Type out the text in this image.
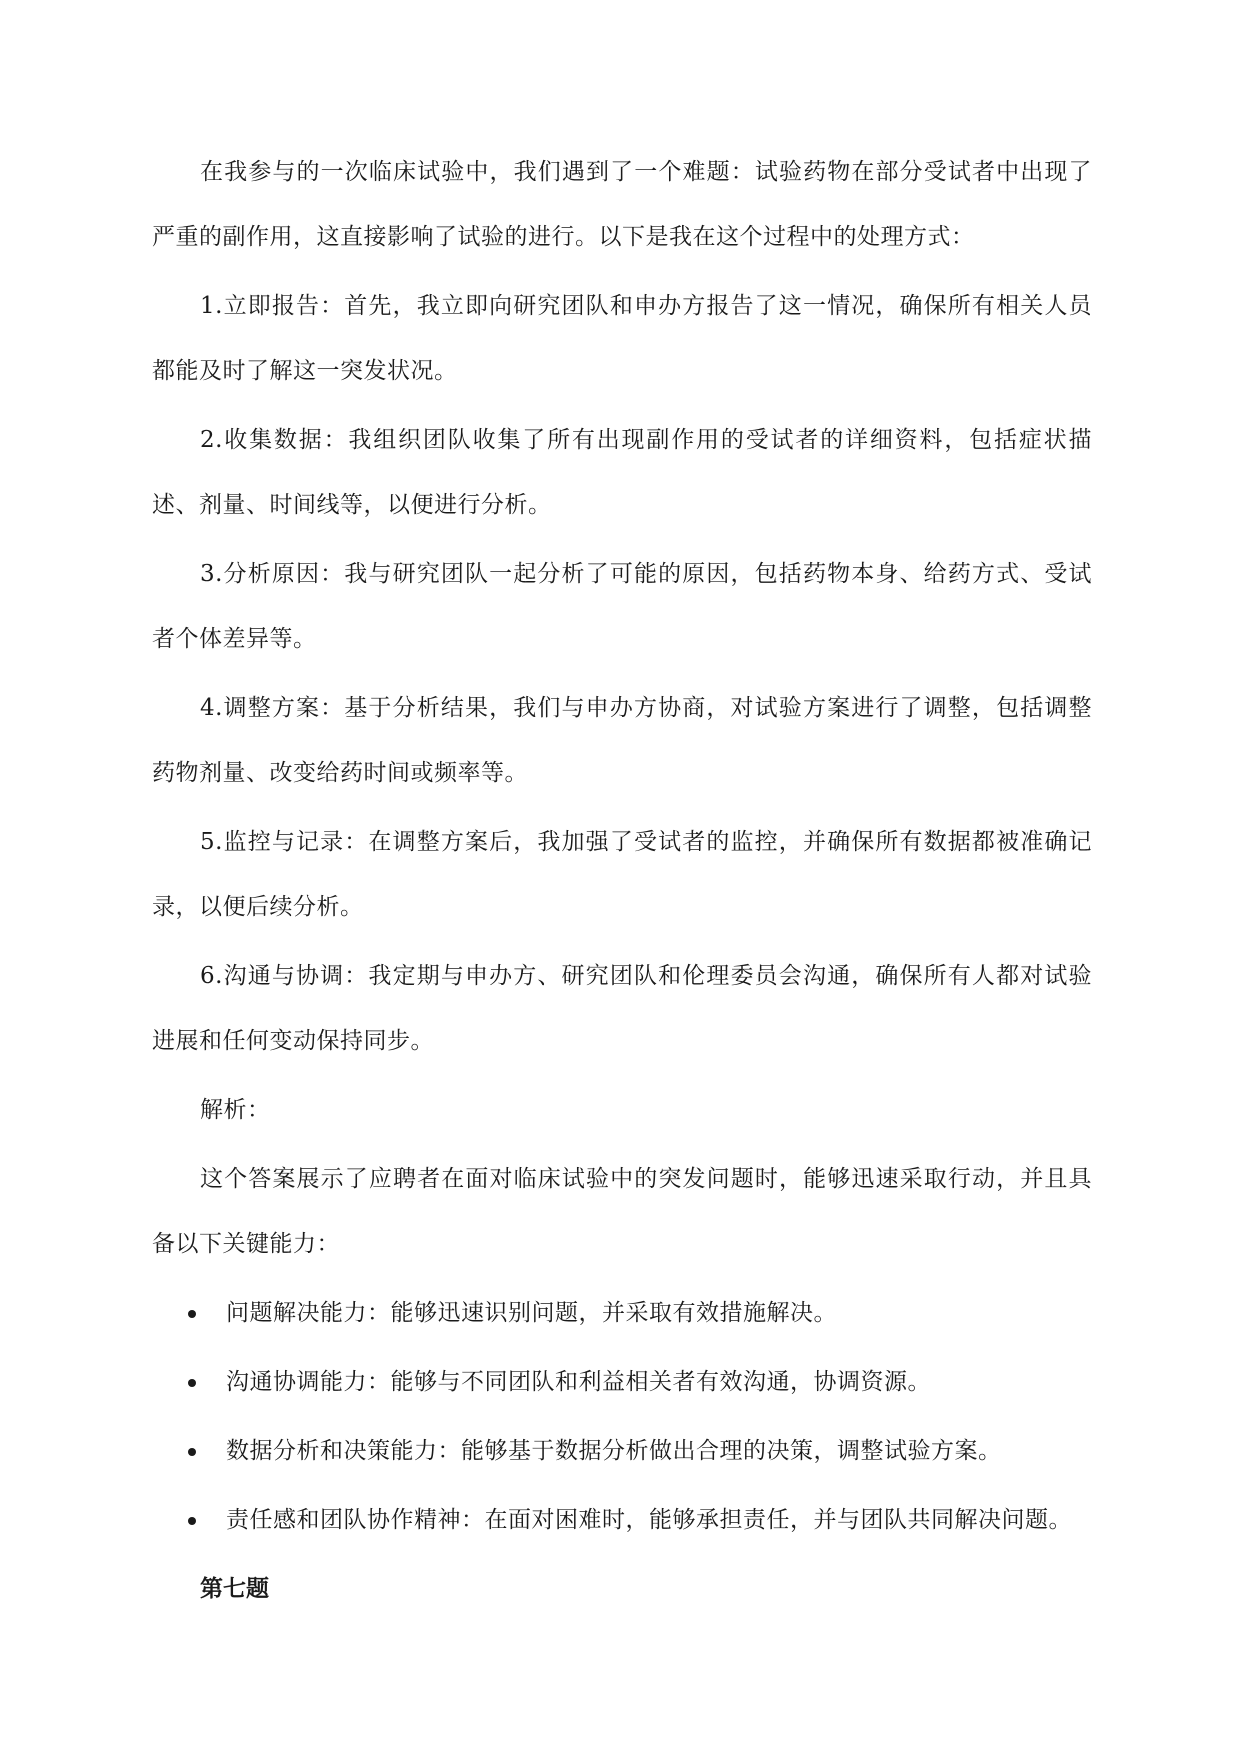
在我参与的一次临床试验中，我们遇到了一个难题：试验药物在部分受试者中出现了严重的副作用，这直接影响了试验的进行。以下是我在这个过程中的处理方式：

1.立即报告：首先，我立即向研究团队和申办方报告了这一情况，确保所有相关人员都能及时了解这一突发状况。

2.收集数据：我组织团队收集了所有出现副作用的受试者的详细资料，包括症状描述、剂量、时间线等，以便进行分析。

3.分析原因：我与研究团队一起分析了可能的原因，包括药物本身、给药方式、受试者个体差异等。

4.调整方案：基于分析结果，我们与申办方协商，对试验方案进行了调整，包括调整药物剂量、改变给药时间或频率等。

5.监控与记录：在调整方案后，我加强了受试者的监控，并确保所有数据都被准确记录，以便后续分析。

6.沟通与协调：我定期与申办方、研究团队和伦理委员会沟通，确保所有人都对试验进展和任何变动保持同步。

解析：

这个答案展示了应聘者在面对临床试验中的突发问题时，能够迅速采取行动，并且具备以下关键能力：

问题解决能力：能够迅速识别问题，并采取有效措施解决。
沟通协调能力：能够与不同团队和利益相关者有效沟通，协调资源。
数据分析和决策能力：能够基于数据分析做出合理的决策，调整试验方案。
责任感和团队协作精神：在面对困难时，能够承担责任，并与团队共同解决问题。
第七题
